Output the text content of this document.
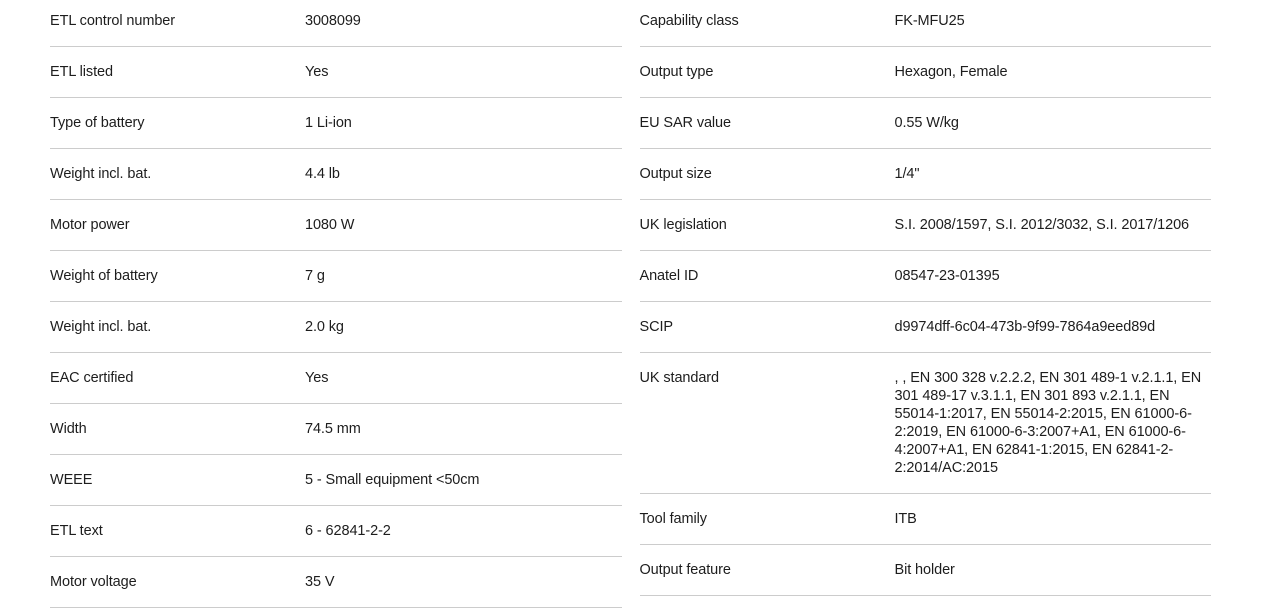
ETL control number	3008099
ETL listed	Yes
Type of battery	1 Li-ion
Weight incl. bat.	4.4 lb
Motor power	1080 W
Weight of battery	7 g
Weight incl. bat.	2.0 kg
EAC certified	Yes
Width	74.5 mm
WEEE	5 - Small equipment <50cm
ETL text	6 - 62841-2-2
Motor voltage	35 V
Capability class	FK-MFU25
Output type	Hexagon, Female
EU SAR value	0.55 W/kg
Output size	1/4"
UK legislation	S.I. 2008/1597, S.I. 2012/3032, S.I. 2017/1206
Anatel ID	08547-23-01395
SCIP	d9974dff-6c04-473b-9f99-7864a9eed89d
UK standard	, , EN 300 328 v.2.2.2, EN 301 489-1 v.2.1.1, EN 301 489-17 v.3.1.1, EN 301 893 v.2.1.1, EN 55014-1:2017, EN 55014-2:2015, EN 61000-6-2:2019, EN 61000-6-3:2007+A1, EN 61000-6-4:2007+A1, EN 62841-1:2015, EN 62841-2-2:2014/AC:2015
Tool family	ITB
Output feature	Bit holder
